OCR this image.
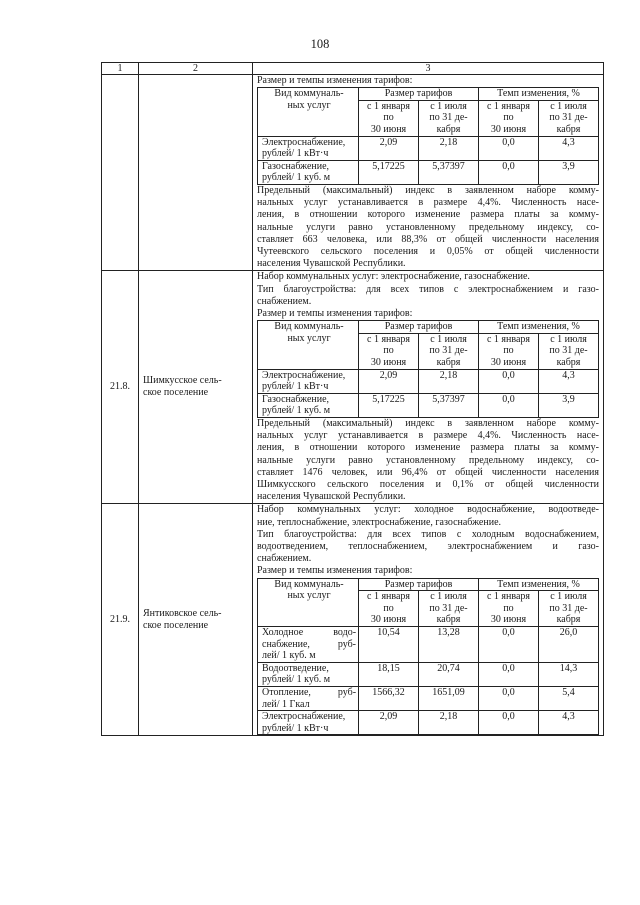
108
1	2	3

Размер и темпы изменения тарифов:
Вид коммуналь-
ных услуг
	Размер тарифов	Темп изменения, %

с 1 января
по
30 июня

с 1 июля
по 31 де-
кабря

с 1 января
по
30 июня

с 1 июля
по 31 де-
кабря

Электроснабжение,
рублей/ 1 кВт·ч
	2,09	2,18	0,0	4,3

Газоснабжение,
рублей/ 1 куб. м
	5,17225	5,37397	0,0	3,9
Предельный (максимальный) индекс в заявленном наборе комму-
нальных услуг устанавливается в размере 4,4%. Численность насе-
ления, в отношении которого изменение размера платы за комму-
нальные услуги равно установленному предельному индексу, со-
ставляет 663 человека, или 88,3% от общей численности населения
Чутеевского сельского поселения и 0,05% от общей численности
населения Чувашской Республики.

21.8.	
Шимкусское сель-
ское поселение

Набор коммунальных услуг: электроснабжение, газоснабжение.
Тип благоустройства: для всех типов с электроснабжением и газо-
снабжением.
Размер и темпы изменения тарифов:
Вид коммуналь-
ных услуг
	Размер тарифов	Темп изменения, %

с 1 января
по
30 июня

с 1 июля
по 31 де-
кабря

с 1 января
по
30 июня

с 1 июля
по 31 де-
кабря

Электроснабжение,
рублей/ 1 кВт·ч
	2,09	2,18	0,0	4,3

Газоснабжение,
рублей/ 1 куб. м
	5,17225	5,37397	0,0	3,9
Предельный (максимальный) индекс в заявленном наборе комму-
нальных услуг устанавливается в размере 4,4%. Численность насе-
ления, в отношении которого изменение размера платы за комму-
нальные услуги равно установленному предельному индексу, со-
ставляет 1476 человек, или 96,4% от общей численности населения
Шимкусского сельского поселения и 0,1% от общей численности
населения Чувашской Республики.

21.9.	
Янтиковское сель-
ское поселение

Набор коммунальных услуг: холодное водоснабжение, водоотведе-
ние, теплоснабжение, электроснабжение, газоснабжение.
Тип благоустройства: для всех типов с холодным водоснабжением,
водоотведением, теплоснабжением, электроснабжением и газо-
снабжением.
Размер и темпы изменения тарифов:
Вид коммуналь-
ных услуг
	Размер тарифов	Темп изменения, %

с 1 января
по
30 июня

с 1 июля
по 31 де-
кабря

с 1 января
по
30 июня

с 1 июля
по 31 де-
кабря

Холодное водо-
снабжение, руб-
лей/ 1 куб. м
	10,54	13,28	0,0	26,0

Водоотведение,
рублей/ 1 куб. м
	18,15	20,74	0,0	14,3

Отопление, руб-
лей/ 1 Гкал
	1566,32	1651,09	0,0	5,4

Электроснабжение,
рублей/ 1 кВт·ч
	2,09	2,18	0,0	4,3
